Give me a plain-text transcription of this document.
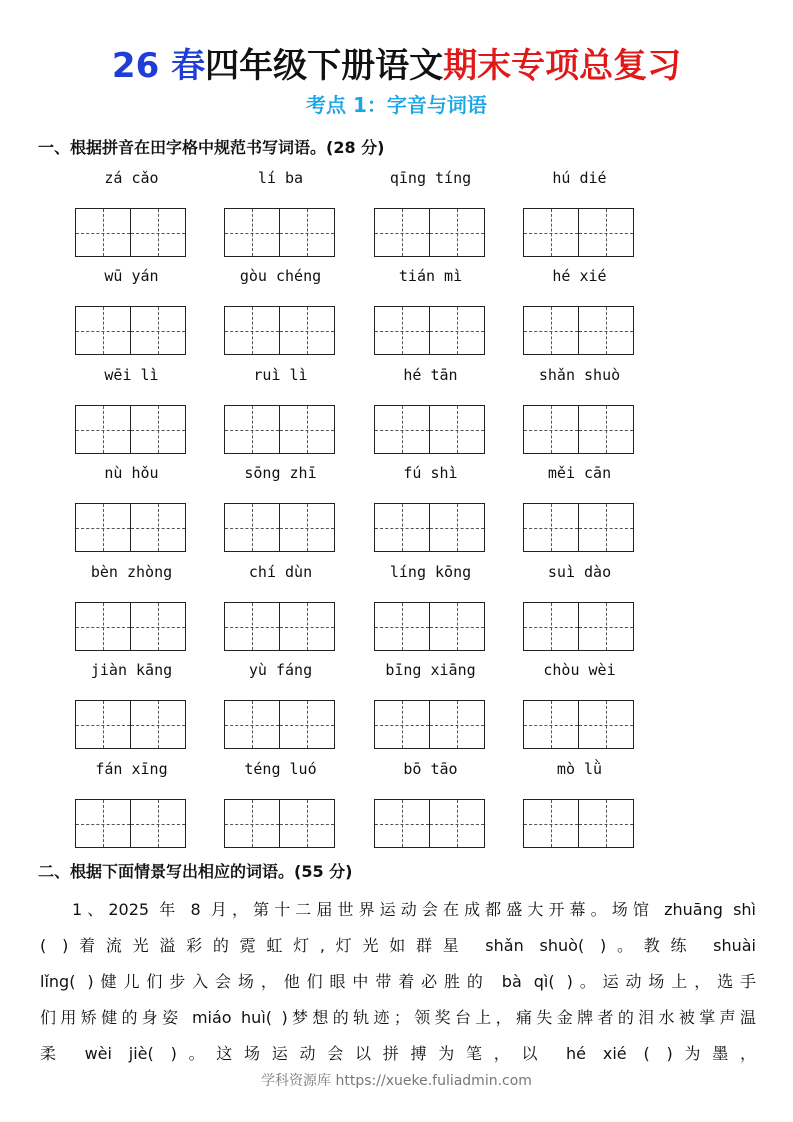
26 春四年级下册语文期末专项总复习
考点 1：字音与词语
一、根据拼音在田字格中规范书写词语。(28 分)
zá cǎo	lí ba	qīng tíng	hú dié
wū yán	gòu chéng	tián mì	hé xié
wēi lì	ruì lì	hé tān	shǎn shuò
nù hǒu	sōng zhī	fú shì	měi cān
bèn zhòng	chí dùn	líng kōng	suì dào
jiàn kāng	yù fáng	bīng xiāng	chòu wèi
fán xīng	téng luó	bō tāo	mò lǜ
二、根据下面情景写出相应的词语。(55 分)
1、2025 年 8 月，第十二届世界运动会在成都盛大开幕。场馆 zhuāng shì
( )着流光溢彩的霓虹灯,灯光如群星 shǎn shuò( )。教练 shuài
lǐng( )健儿们步入会场，他们眼中带着必胜的 bà qì( )。运动场上，选手
们用矫健的身姿 miáo huì( )梦想的轨迹；领奖台上，痛失金牌者的泪水被掌声温
柔 wèi jiè( )。这场运动会以拼搏为笔，以 hé xié ( )为墨，
学科资源库 https://xueke.fuliadmin.com
